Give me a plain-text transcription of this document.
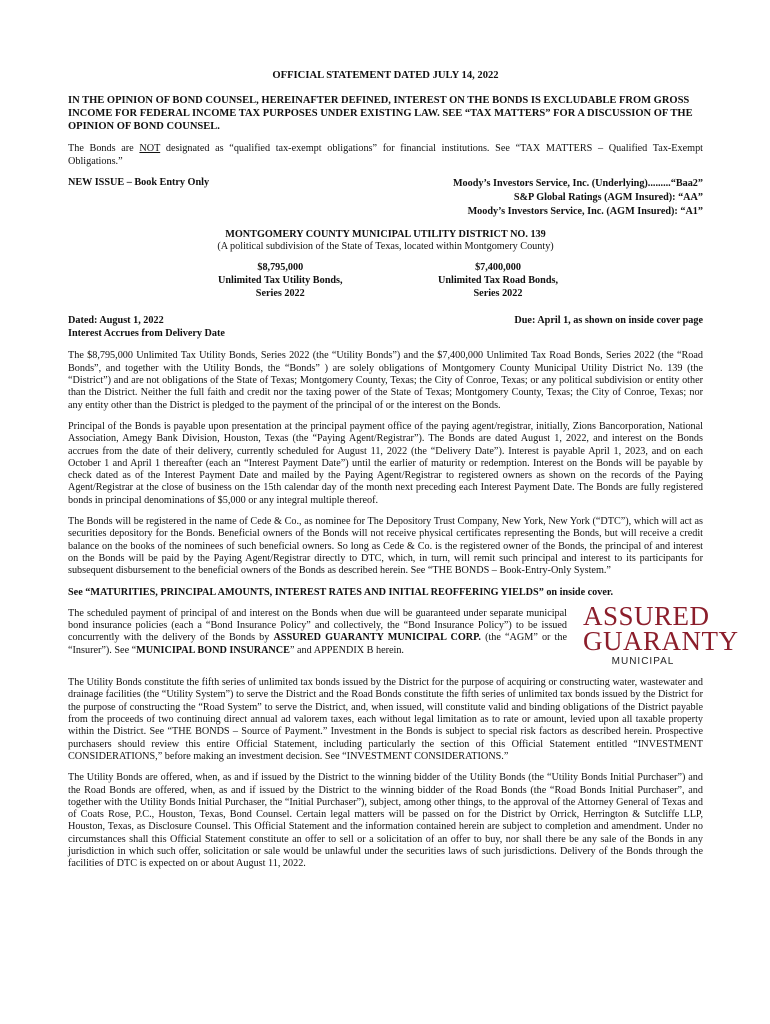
OFFICIAL STATEMENT DATED JULY 14, 2022
IN THE OPINION OF BOND COUNSEL, HEREINAFTER DEFINED, INTEREST ON THE BONDS IS EXCLUDABLE FROM GROSS INCOME FOR FEDERAL INCOME TAX PURPOSES UNDER EXISTING LAW. SEE “TAX MATTERS” FOR A DISCUSSION OF THE OPINION OF BOND COUNSEL.

The Bonds are NOT designated as “qualified tax-exempt obligations” for financial institutions. See “TAX MATTERS – Qualified Tax-Exempt Obligations.”

NEW ISSUE – Book Entry Only	Moody’s Investors Service, Inc. (Underlying).........“Baa2”
S&P Global Ratings (AGM Insured): “AA”
Moody’s Investors Service, Inc. (AGM Insured): “A1”
MONTGOMERY COUNTY MUNICIPAL UTILITY DISTRICT NO. 139
(A political subdivision of the State of Texas, located within Montgomery County)
$8,795,000
Unlimited Tax Utility Bonds,
Series 2022
$7,400,000
Unlimited Tax Road Bonds,
Series 2022
Dated: August 1, 2022
Interest Accrues from Delivery Date
Due: April 1, as shown on inside cover page

The $8,795,000 Unlimited Tax Utility Bonds, Series 2022 (the “Utility Bonds”) and the $7,400,000 Unlimited Tax Road Bonds, Series 2022 (the “Road Bonds”, and together with the Utility Bonds, the “Bonds” ) are solely obligations of Montgomery County Municipal Utility District No. 139 (the “District”) and are not obligations of the State of Texas; Montgomery County, Texas; the City of Conroe, Texas; or any political subdivision or entity other than the District. Neither the full faith and credit nor the taxing power of the State of Texas; Montgomery County, Texas; the City of Conroe, Texas; nor any entity other than the District is pledged to the payment of the principal of or the interest on the Bonds.

Principal of the Bonds is payable upon presentation at the principal payment office of the paying agent/registrar, initially, Zions Bancorporation, National Association, Amegy Bank Division, Houston, Texas (the “Paying Agent/Registrar”). The Bonds are dated August 1, 2022, and interest on the Bonds accrues from the date of their delivery, currently scheduled for August 11, 2022 (the “Delivery Date”). Interest is payable April 1, 2023, and on each October 1 and April 1 thereafter (each an “Interest Payment Date”) until the earlier of maturity or redemption. Interest on the Bonds will be payable by check dated as of the Interest Payment Date and mailed by the Paying Agent/Registrar to registered owners as shown on the records of the Paying Agent/Registrar at the close of business on the 15th calendar day of the month next preceding each Interest Payment Date. The Bonds are fully registered bonds in principal denominations of $5,000 or any integral multiple thereof.

The Bonds will be registered in the name of Cede & Co., as nominee for The Depository Trust Company, New York, New York (“DTC”), which will act as securities depository for the Bonds. Beneficial owners of the Bonds will not receive physical certificates representing the Bonds, but will receive a credit balance on the books of the nominees of such beneficial owners. So long as Cede & Co. is the registered owner of the Bonds, the principal of and interest on the Bonds will be paid by the Paying Agent/Registrar directly to DTC, which, in turn, will remit such principal and interest to its participants for subsequent disbursement to the beneficial owners of the Bonds as described herein. See “THE BONDS – Book-Entry-Only System.”

See “MATURITIES, PRINCIPAL AMOUNTS, INTEREST RATES AND INITIAL REOFFERING YIELDS” on inside cover.

The scheduled payment of principal of and interest on the Bonds when due will be guaranteed under separate municipal bond insurance policies (each a “Bond Insurance Policy” and collectively, the “Bond Insurance Policy”) to be issued concurrently with the delivery of the Bonds by ASSURED GUARANTY MUNICIPAL CORP. (the “AGM” or the “Insurer”). See “MUNICIPAL BOND INSURANCE” and APPENDIX B herein.

ASSURED
GUARANTY
MUNICIPAL

The Utility Bonds constitute the fifth series of unlimited tax bonds issued by the District for the purpose of acquiring or constructing water, wastewater and drainage facilities (the “Utility System”) to serve the District and the Road Bonds constitute the fifth series of unlimited tax bonds issued by the District for the purpose of constructing the “Road System” to serve the District, and, when issued, will constitute valid and binding obligations of the District payable from the proceeds of two continuing direct annual ad valorem taxes, each without legal limitation as to rate or amount, levied upon all taxable property within the District. See “THE BONDS – Source of Payment.” Investment in the Bonds is subject to special risk factors as described herein. Prospective purchasers should review this entire Official Statement, including particularly the section of this Official Statement entitled “INVESTMENT CONSIDERATIONS,” before making an investment decision. See “INVESTMENT CONSIDERATIONS.”

The Utility Bonds are offered, when, as and if issued by the District to the winning bidder of the Utility Bonds (the “Utility Bonds Initial Purchaser”) and the Road Bonds are offered, when, as and if issued by the District to the winning bidder of the Road Bonds (the “Road Bonds Initial Purchaser”, and together with the Utility Bonds Initial Purchaser, the “Initial Purchaser”), subject, among other things, to the approval of the Attorney General of Texas and of Coats Rose, P.C., Houston, Texas, Bond Counsel. Certain legal matters will be passed on for the District by Orrick, Herrington & Sutcliffe LLP, Houston, Texas, as Disclosure Counsel. This Official Statement and the information contained herein are subject to completion and amendment. Under no circumstances shall this Official Statement constitute an offer to sell or a solicitation of an offer to buy, nor shall there be any sale of the Bonds in any jurisdiction in which such offer, solicitation or sale would be unlawful under the securities laws of such jurisdictions. Delivery of the Bonds through the facilities of DTC is expected on or about August 11, 2022.
